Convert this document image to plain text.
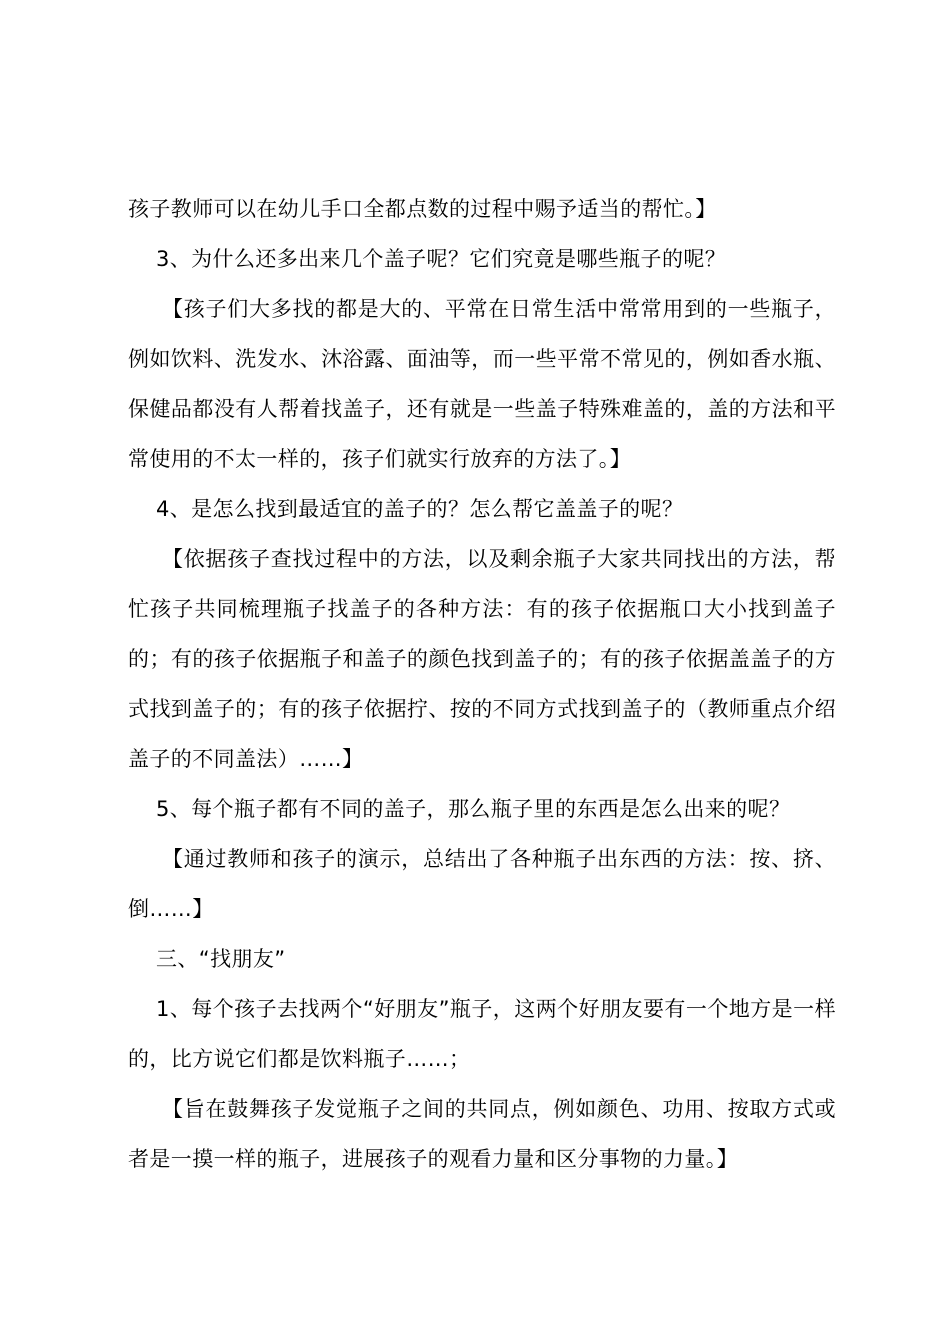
孩子教师可以在幼儿手口全都点数的过程中赐予适当的帮忙。】

3、为什么还多出来几个盖子呢？它们究竟是哪些瓶子的呢？

【孩子们大多找的都是大的、平常在日常生活中常常用到的一些瓶子，例如饮料、洗发水、沐浴露、面油等，而一些平常不常见的，例如香水瓶、保健品都没有人帮着找盖子，还有就是一些盖子特殊难盖的，盖的方法和平常使用的不太一样的，孩子们就实行放弃的方法了。】

4、是怎么找到最适宜的盖子的？怎么帮它盖盖子的呢？

【依据孩子查找过程中的方法，以及剩余瓶子大家共同找出的方法，帮忙孩子共同梳理瓶子找盖子的各种方法：有的孩子依据瓶口大小找到盖子的；有的孩子依据瓶子和盖子的颜色找到盖子的；有的孩子依据盖盖子的方式找到盖子的；有的孩子依据拧、按的不同方式找到盖子的（教师重点介绍盖子的不同盖法）……】

5、每个瓶子都有不同的盖子，那么瓶子里的东西是怎么出来的呢？

【通过教师和孩子的演示，总结出了各种瓶子出东西的方法：按、挤、倒……】

三、“找朋友”

1、每个孩子去找两个“好朋友”瓶子，这两个好朋友要有一个地方是一样的，比方说它们都是饮料瓶子……；

【旨在鼓舞孩子发觉瓶子之间的共同点，例如颜色、功用、按取方式或者是一摸一样的瓶子，进展孩子的观看力量和区分事物的力量。】
